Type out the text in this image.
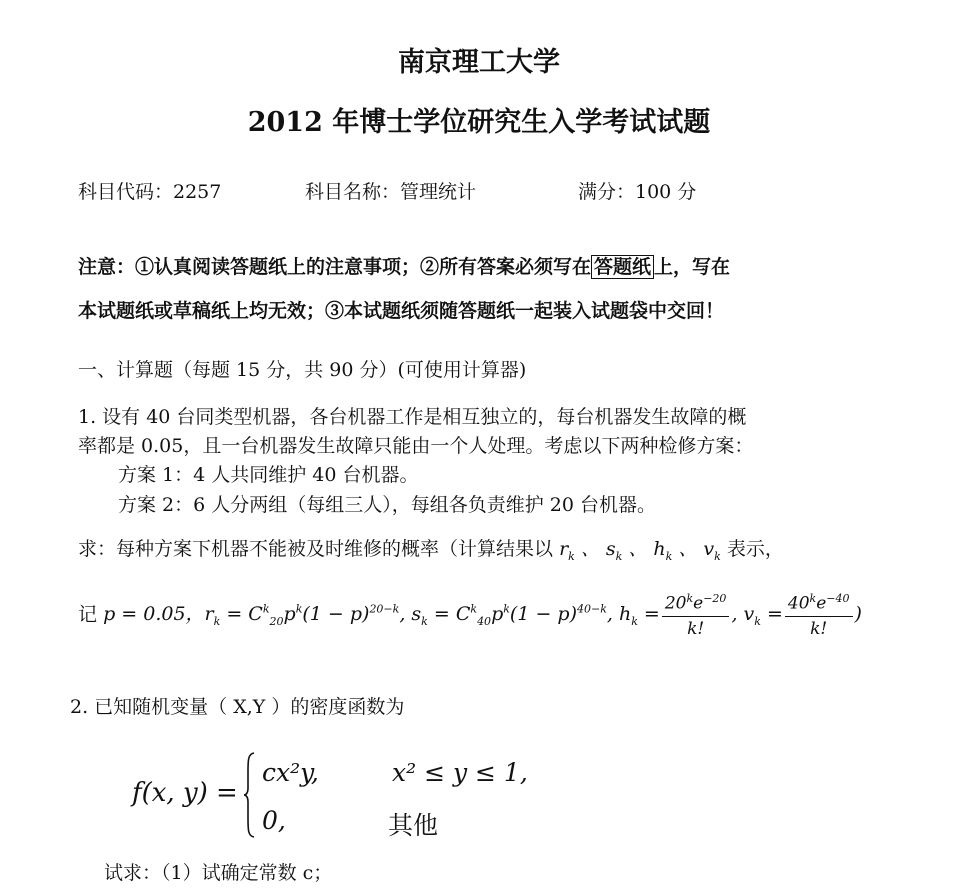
南京理工大学
2012 年博士学位研究生入学考试试题
科目代码：2257	科目名称：管理统计	满分：100 分
注意：①认真阅读答题纸上的注意事项；②所有答案必须写在 答题纸 上，写在
本试题纸或草稿纸上均无效；③本试题纸须随答题纸一起装入试题袋中交回！
一、计算题（每题 15 分，共 90 分）(可使用计算器)
1. 设有 40 台同类型机器，各台机器工作是相互独立的，每台机器发生故障的概
率都是 0.05，且一台机器发生故障只能由一个人处理。考虑以下两种检修方案：
方案 1：4 人共同维护 40 台机器。
方案 2：6 人分两组（每组三人），每组各负责维护 20 台机器。
求：每种方案下机器不能被及时维修的概率（计算结果以 $r_k$ 、 $s_k$ 、 $h_k$ 、 $v_k$ 表示，
记 p = 0.05，$r_k = C^k_{20}p^k(1 - p)^{20-k}$, $s_k = C^k_{40}p^k(1 - p)^{40-k}$, $h_k = \frac{20^ke^{-20}}{k!}$ , $v_k = \frac{40^ke^{-40}}{k!}$ )
2. 已知随机变量（ X,Y ）的密度函数为
f(x, y) =
cx²y,	x² ≤ y ≤ 1,
0,	其他
试求：（1）试确定常数 c；
